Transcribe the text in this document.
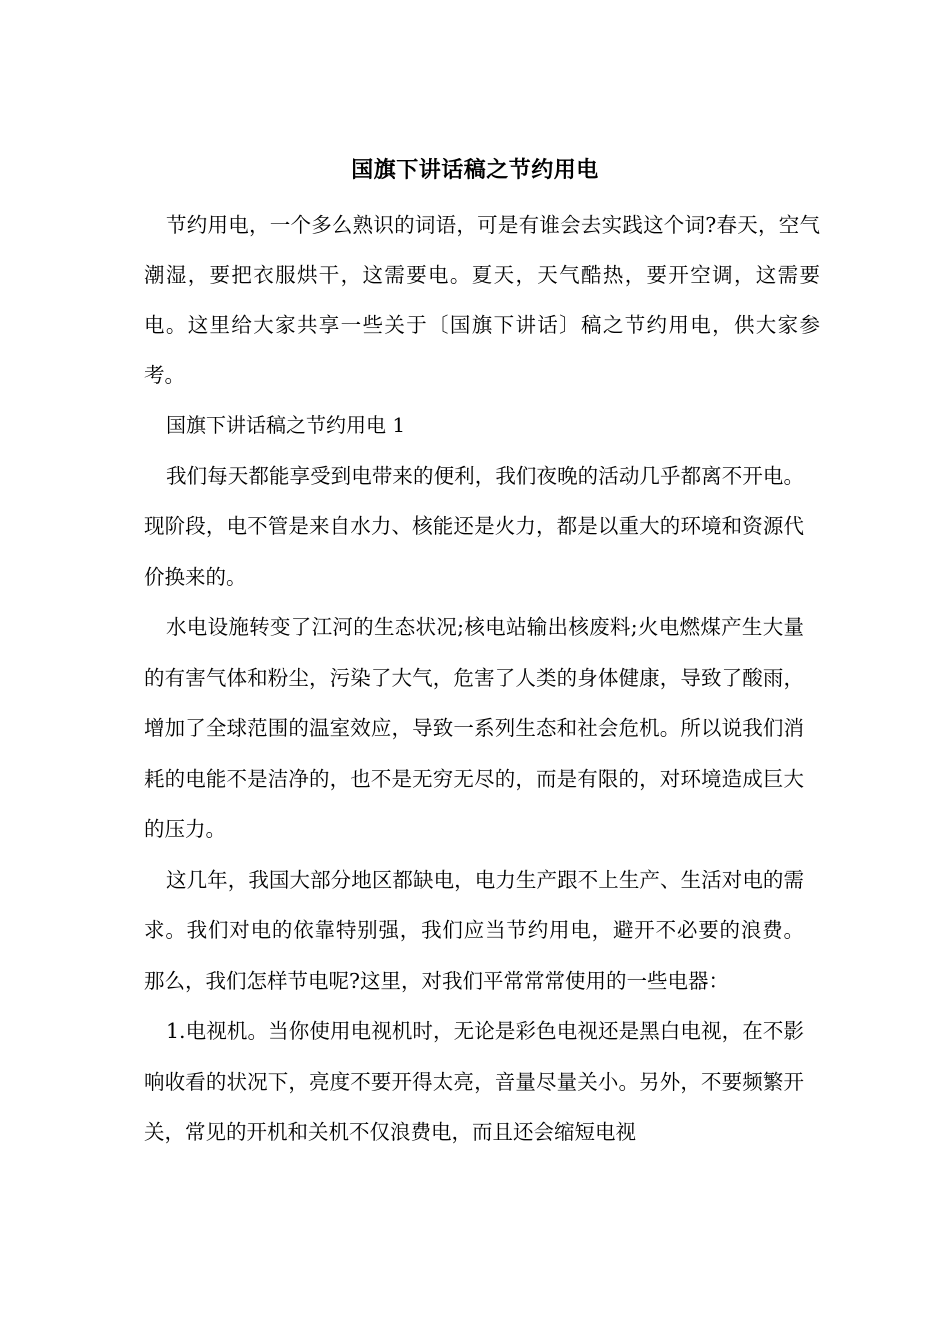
国旗下讲话稿之节约用电

节约用电，一个多么熟识的词语，可是有谁会去实践这个词?春天，空气潮湿，要把衣服烘干，这需要电。夏天，天气酷热，要开空调，这需要电。这里给大家共享一些关于〔国旗下讲话〕稿之节约用电，供大家参考。

国旗下讲话稿之节约用电 1

我们每天都能享受到电带来的便利，我们夜晚的活动几乎都离不开电。现阶段，电不管是来自水力、核能还是火力，都是以重大的环境和资源代价换来的。

水电设施转变了江河的生态状况;核电站输出核废料;火电燃煤产生大量的有害气体和粉尘，污染了大气，危害了人类的身体健康，导致了酸雨，增加了全球范围的温室效应，导致一系列生态和社会危机。所以说我们消耗的电能不是洁净的，也不是无穷无尽的，而是有限的，对环境造成巨大的压力。

这几年，我国大部分地区都缺电，电力生产跟不上生产、生活对电的需求。我们对电的依靠特别强，我们应当节约用电，避开不必要的浪费。 那么，我们怎样节电呢?这里，对我们平常常常使用的一些电器：

1.电视机。当你使用电视机时，无论是彩色电视还是黑白电视，在不影响收看的状况下，亮度不要开得太亮，音量尽量关小。另外，不要频繁开关，常见的开机和关机不仅浪费电，而且还会缩短电视
